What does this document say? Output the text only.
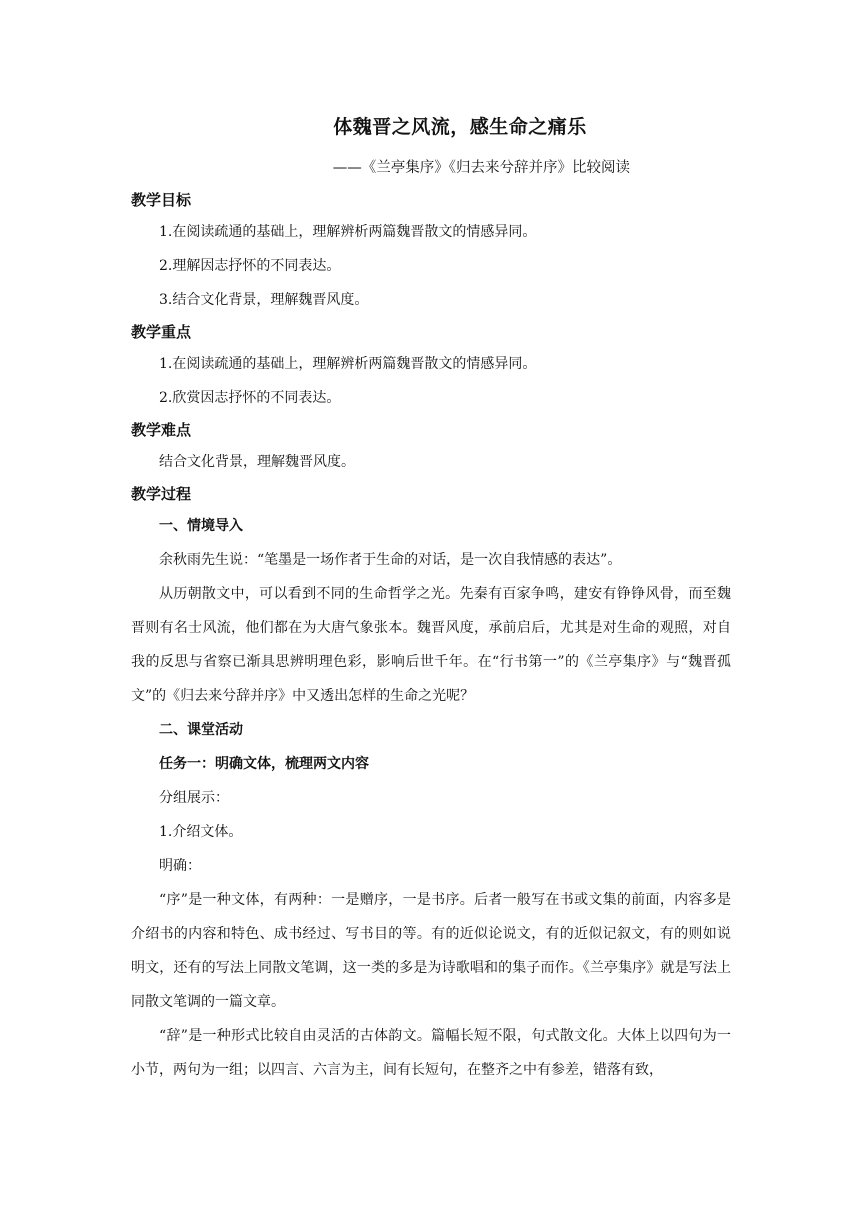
体魏晋之风流，感生命之痛乐
——《兰亭集序》《归去来兮辞并序》比较阅读

教学目标

1.在阅读疏通的基础上，理解辨析两篇魏晋散文的情感异同。

2.理解因志抒怀的不同表达。

3.结合文化背景，理解魏晋风度。

教学重点

1.在阅读疏通的基础上，理解辨析两篇魏晋散文的情感异同。

2.欣赏因志抒怀的不同表达。

教学难点

结合文化背景，理解魏晋风度。

教学过程

一、情境导入

余秋雨先生说：“笔墨是一场作者于生命的对话，是一次自我情感的表达”。

从历朝散文中，可以看到不同的生命哲学之光。先秦有百家争鸣，建安有铮铮风骨，而至魏晋则有名士风流，他们都在为大唐气象张本。魏晋风度，承前启后，尤其是对生命的观照，对自我的反思与省察已渐具思辨明理色彩，影响后世千年。在“行书第一”的《兰亭集序》与“魏晋孤文”的《归去来兮辞并序》中又透出怎样的生命之光呢？

二、课堂活动

任务一：明确文体，梳理两文内容

分组展示：

1.介绍文体。

明确：

“序”是一种文体，有两种：一是赠序，一是书序。后者一般写在书或文集的前面，内容多是介绍书的内容和特色、成书经过、写书目的等。有的近似论说文，有的近似记叙文，有的则如说明文，还有的写法上同散文笔调，这一类的多是为诗歌唱和的集子而作。《兰亭集序》就是写法上同散文笔调的一篇文章。

“辞”是一种形式比较自由灵活的古体韵文。篇幅长短不限，句式散文化。大体上以四句为一小节，两句为一组；以四言、六言为主，间有长短句，在整齐之中有参差，错落有致，
